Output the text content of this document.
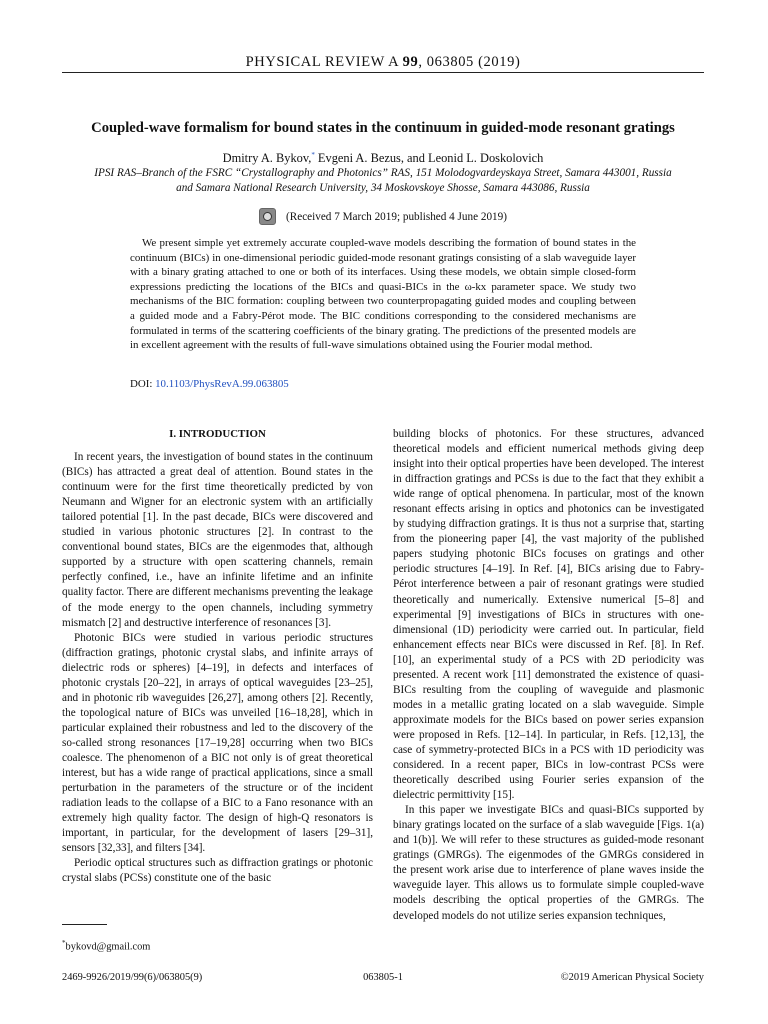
PHYSICAL REVIEW A 99, 063805 (2019)
Coupled-wave formalism for bound states in the continuum in guided-mode resonant gratings
Dmitry A. Bykov,* Evgeni A. Bezus, and Leonid L. Doskolovich
IPSI RAS–Branch of the FSRC “Crystallography and Photonics” RAS, 151 Molodogvardeyskaya Street, Samara 443001, Russia
and Samara National Research University, 34 Moskovskoye Shosse, Samara 443086, Russia
(Received 7 March 2019; published 4 June 2019)

We present simple yet extremely accurate coupled-wave models describing the formation of bound states in the continuum (BICs) in one-dimensional periodic guided-mode resonant gratings consisting of a slab waveguide layer with a binary grating attached to one or both of its interfaces. Using these models, we obtain simple closed-form expressions predicting the locations of the BICs and quasi-BICs in the ω-kx parameter space. We study two mechanisms of the BIC formation: coupling between two counterpropagating guided modes and coupling between a guided mode and a Fabry-Pérot mode. The BIC conditions corresponding to the considered mechanisms are formulated in terms of the scattering coefficients of the binary grating. The predictions of the presented models are in excellent agreement with the results of full-wave simulations obtained using the Fourier modal method.

DOI: 10.1103/PhysRevA.99.063805

I. INTRODUCTION

In recent years, the investigation of bound states in the continuum (BICs) has attracted a great deal of attention. Bound states in the continuum were for the first time theoretically predicted by von Neumann and Wigner for an electronic system with an artificially tailored potential [1]. In the past decade, BICs were discovered and studied in various photonic structures [2]. In contrast to the conventional bound states, BICs are the eigenmodes that, although supported by a structure with open scattering channels, remain perfectly confined, i.e., have an infinite lifetime and an infinite quality factor. There are different mechanisms preventing the leakage of the mode energy to the open channels, including symmetry mismatch [2] and destructive interference of resonances [3].

Photonic BICs were studied in various periodic structures (diffraction gratings, photonic crystal slabs, and infinite arrays of dielectric rods or spheres) [4–19], in defects and interfaces of photonic crystals [20–22], in arrays of optical waveguides [23–25], and in photonic rib waveguides [26,27], among others [2]. Recently, the topological nature of BICs was unveiled [16–18,28], which in particular explained their robustness and led to the discovery of the so-called strong resonances [17–19,28] occurring when two BICs coalesce. The phenomenon of a BIC not only is of great theoretical interest, but has a wide range of practical applications, since a small perturbation in the parameters of the structure or of the incident radiation leads to the collapse of a BIC to a Fano resonance with an extremely high quality factor. The design of high-Q resonators is important, in particular, for the development of lasers [29–31], sensors [32,33], and filters [34].

Periodic optical structures such as diffraction gratings or photonic crystal slabs (PCSs) constitute one of the basic

building blocks of photonics. For these structures, advanced theoretical models and efficient numerical methods giving deep insight into their optical properties have been developed. The interest in diffraction gratings and PCSs is due to the fact that they exhibit a wide range of optical phenomena. In particular, most of the known resonant effects arising in optics and photonics can be investigated by studying diffraction gratings. It is thus not a surprise that, starting from the pioneering paper [4], the vast majority of the published papers studying photonic BICs focuses on gratings and other periodic structures [4–19]. In Ref. [4], BICs arising due to Fabry-Pérot interference between a pair of resonant gratings were studied theoretically and numerically. Extensive numerical [5–8] and experimental [9] investigations of BICs in structures with one-dimensional (1D) periodicity were carried out. In particular, field enhancement effects near BICs were discussed in Ref. [8]. In Ref. [10], an experimental study of a PCS with 2D periodicity was presented. A recent work [11] demonstrated the existence of quasi-BICs resulting from the coupling of waveguide and plasmonic modes in a metallic grating located on a slab waveguide. Simple approximate models for the BICs based on power series expansion were proposed in Refs. [12–14]. In particular, in Refs. [12,13], the case of symmetry-protected BICs in a PCS with 1D periodicity was considered. In a recent paper, BICs in low-contrast PCSs were theoretically described using Fourier series expansion of the dielectric permittivity [15].

In this paper we investigate BICs and quasi-BICs supported by binary gratings located on the surface of a slab waveguide [Figs. 1(a) and 1(b)]. We will refer to these structures as guided-mode resonant gratings (GMRGs). The eigenmodes of the GMRGs considered in the present work arise due to interference of plane waves inside the waveguide layer. This allows us to formulate simple coupled-wave models describing the optical properties of the GMRGs. The developed models do not utilize series expansion techniques,

*bykovd@gmail.com
2469-9926/2019/99(6)/063805(9)	063805-1	©2019 American Physical Society
